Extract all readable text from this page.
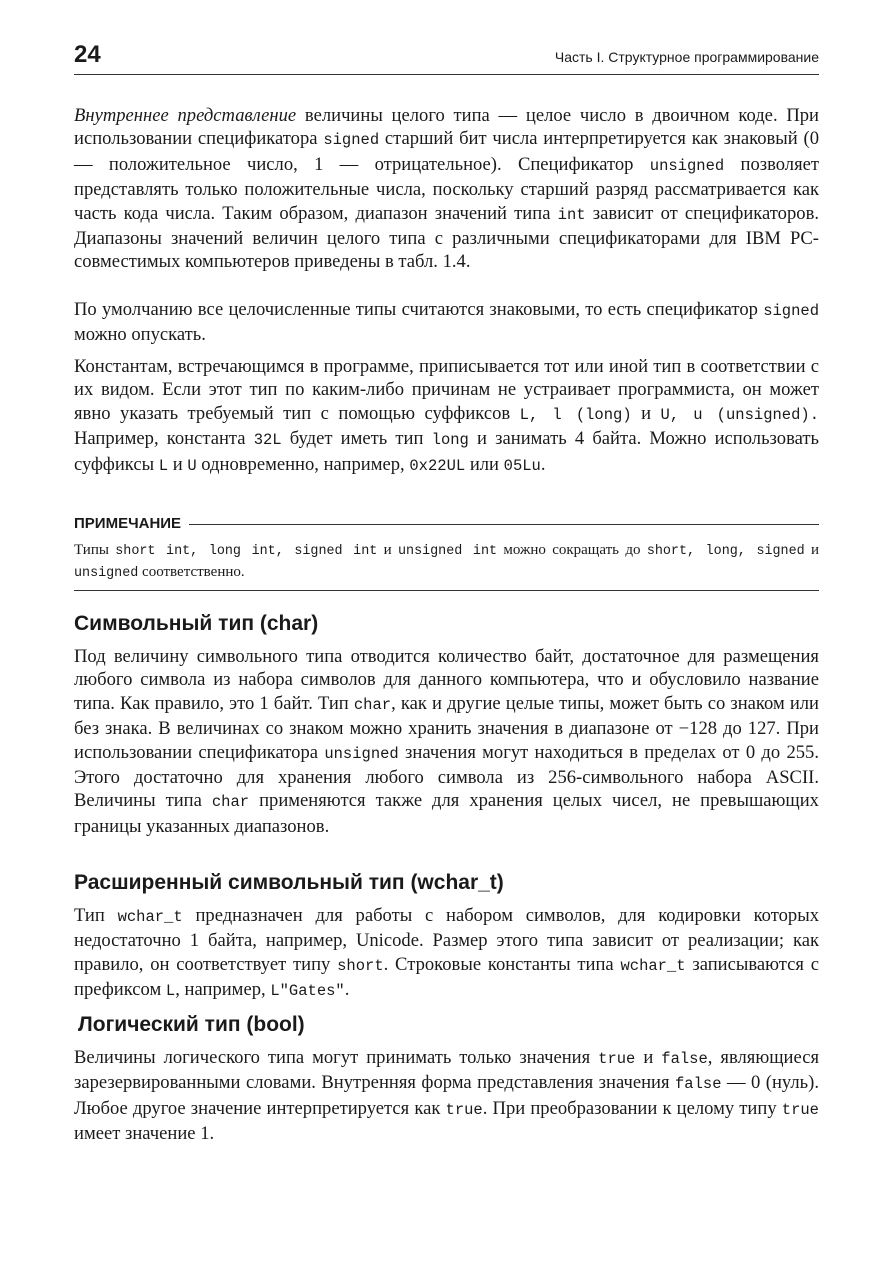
24	Часть I. Структурное программирование

Внутреннее представление величины целого типа — целое число в двоичном коде. При использовании спецификатора signed старший бит числа интерпретируется как знаковый (0 — положительное число, 1 — отрицательное). Спецификатор unsigned позволяет представлять только положительные числа, поскольку старший разряд рассматривается как часть кода числа. Таким образом, диапазон значений типа int зависит от спецификаторов. Диапазоны значений величин целого типа с различными спецификаторами для IBM PC-совместимых компьютеров приведены в табл. 1.4.

По умолчанию все целочисленные типы считаются знаковыми, то есть спецификатор signed можно опускать.

Константам, встречающимся в программе, приписывается тот или иной тип в соответствии с их видом. Если этот тип по каким-либо причинам не устраивает программиста, он может явно указать требуемый тип с помощью суффиксов L, l (long) и U, u (unsigned). Например, константа 32L будет иметь тип long и занимать 4 байта. Можно использовать суффиксы L и U одновременно, например, 0x22UL или 05Lu.

ПРИМЕЧАНИЕ

Типы short int, long int, signed int и unsigned int можно сокращать до short, long, signed и unsigned соответственно.

Символьный тип (char)

Под величину символьного типа отводится количество байт, достаточное для размещения любого символа из набора символов для данного компьютера, что и обусловило название типа. Как правило, это 1 байт. Тип char, как и другие целые типы, может быть со знаком или без знака. В величинах со знаком можно хранить значения в диапазоне от −128 до 127. При использовании спецификатора unsigned значения могут находиться в пределах от 0 до 255. Этого достаточно для хранения любого символа из 256-символьного набора ASCII. Величины типа char применяются также для хранения целых чисел, не превышающих границы указанных диапазонов.

Расширенный символьный тип (wchar_t)

Тип wchar_t предназначен для работы с набором символов, для кодировки которых недостаточно 1 байта, например, Unicode. Размер этого типа зависит от реализации; как правило, он соответствует типу short. Строковые константы типа wchar_t записываются с префиксом L, например, L"Gates".

Логический тип (bool)

Величины логического типа могут принимать только значения true и false, являющиеся зарезервированными словами. Внутренняя форма представления значения false — 0 (нуль). Любое другое значение интерпретируется как true. При преобразовании к целому типу true имеет значение 1.
